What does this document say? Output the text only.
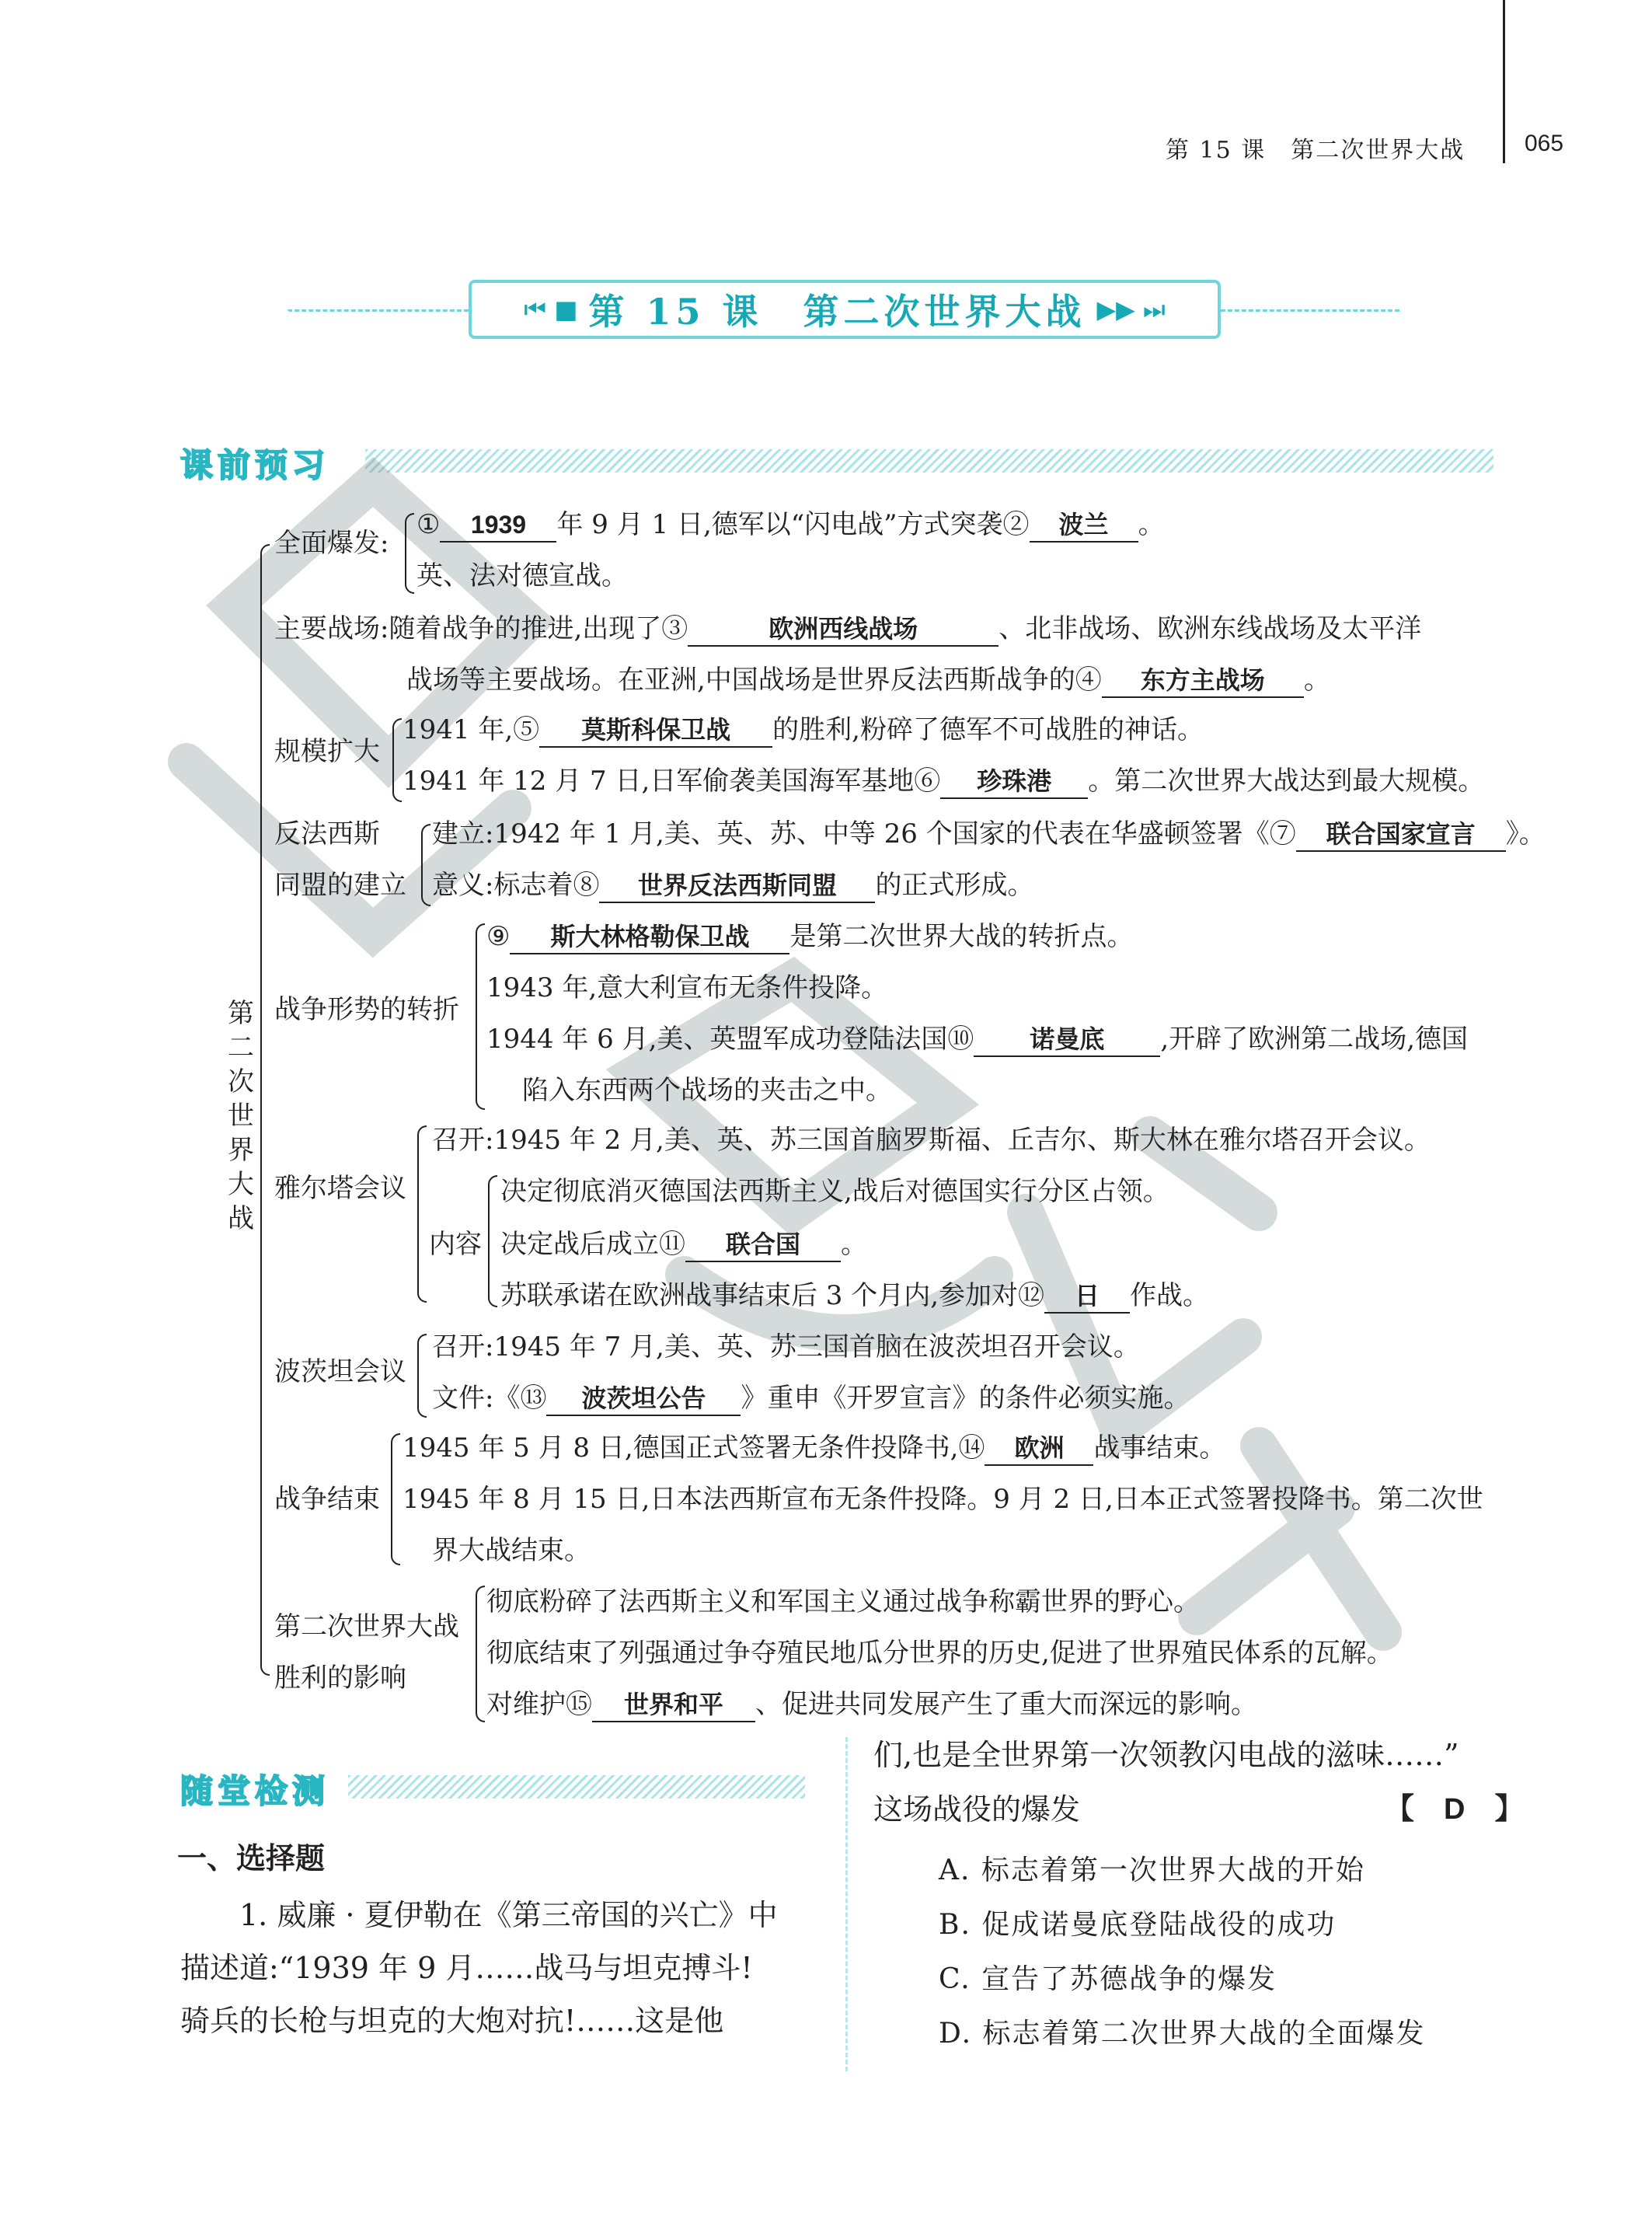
第 15 课　第二次世界大战	065
⏮ ■ 第 15 课　第二次世界大战 ▶▶ ⏭
课前预习
第二次世界大战
全面爆发:
① 1939 年 9 月 1 日,德军以“闪电战”方式突袭② 波兰 。
英、法对德宣战。
主要战场:随着战争的推进,出现了③	欧洲西线战场	、北非战场、欧洲东线战场及太平洋
战场等主要战场。在亚洲,中国战场是世界反法西斯战争的④ 东方主战场 。
规模扩大
1941 年,⑤ 莫斯科保卫战 的胜利,粉碎了德军不可战胜的神话。
1941 年 12 月 7 日,日军偷袭美国海军基地⑥ 珍珠港 。第二次世界大战达到最大规模。
反法西斯
同盟的建立
建立:1942 年 1 月,美、英、苏、中等 26 个国家的代表在华盛顿签署《⑦ 联合国家宣言 》。
意义:标志着⑧ 世界反法西斯同盟 的正式形成。
战争形势的转折
⑨ 斯大林格勒保卫战 是第二次世界大战的转折点。
1943 年,意大利宣布无条件投降。
1944 年 6 月,美、英盟军成功登陆法国⑩ 诺曼底 ,开辟了欧洲第二战场,德国
陷入东西两个战场的夹击之中。
雅尔塔会议
召开:1945 年 2 月,美、英、苏三国首脑罗斯福、丘吉尔、斯大林在雅尔塔召开会议。
内容
决定彻底消灭德国法西斯主义,战后对德国实行分区占领。
决定战后成立⑪ 联合国 。
苏联承诺在欧洲战事结束后 3 个月内,参加对⑫ 日 作战。
波茨坦会议
召开:1945 年 7 月,美、英、苏三国首脑在波茨坦召开会议。
文件:《⑬ 波茨坦公告 》重申《开罗宣言》的条件必须实施。
战争结束
1945 年 5 月 8 日,德国正式签署无条件投降书,⑭ 欧洲 战事结束。
1945 年 8 月 15 日,日本法西斯宣布无条件投降。9 月 2 日,日本正式签署投降书。第二次世
界大战结束。
第二次世界大战
胜利的影响
彻底粉碎了法西斯主义和军国主义通过战争称霸世界的野心。
彻底结束了列强通过争夺殖民地瓜分世界的历史,促进了世界殖民体系的瓦解。
对维护⑮ 世界和平 、促进共同发展产生了重大而深远的影响。
随堂检测
一、选择题
1. 威廉 · 夏伊勒在《第三帝国的兴亡》中
描述道:“1939 年 9 月……战马与坦克搏斗!
骑兵的长枪与坦克的大炮对抗!……这是他
们,也是全世界第一次领教闪电战的滋味……”
这场战役的爆发	【　D　】
A. 标志着第一次世界大战的开始
B. 促成诺曼底登陆战役的成功
C. 宣告了苏德战争的爆发
D. 标志着第二次世界大战的全面爆发
